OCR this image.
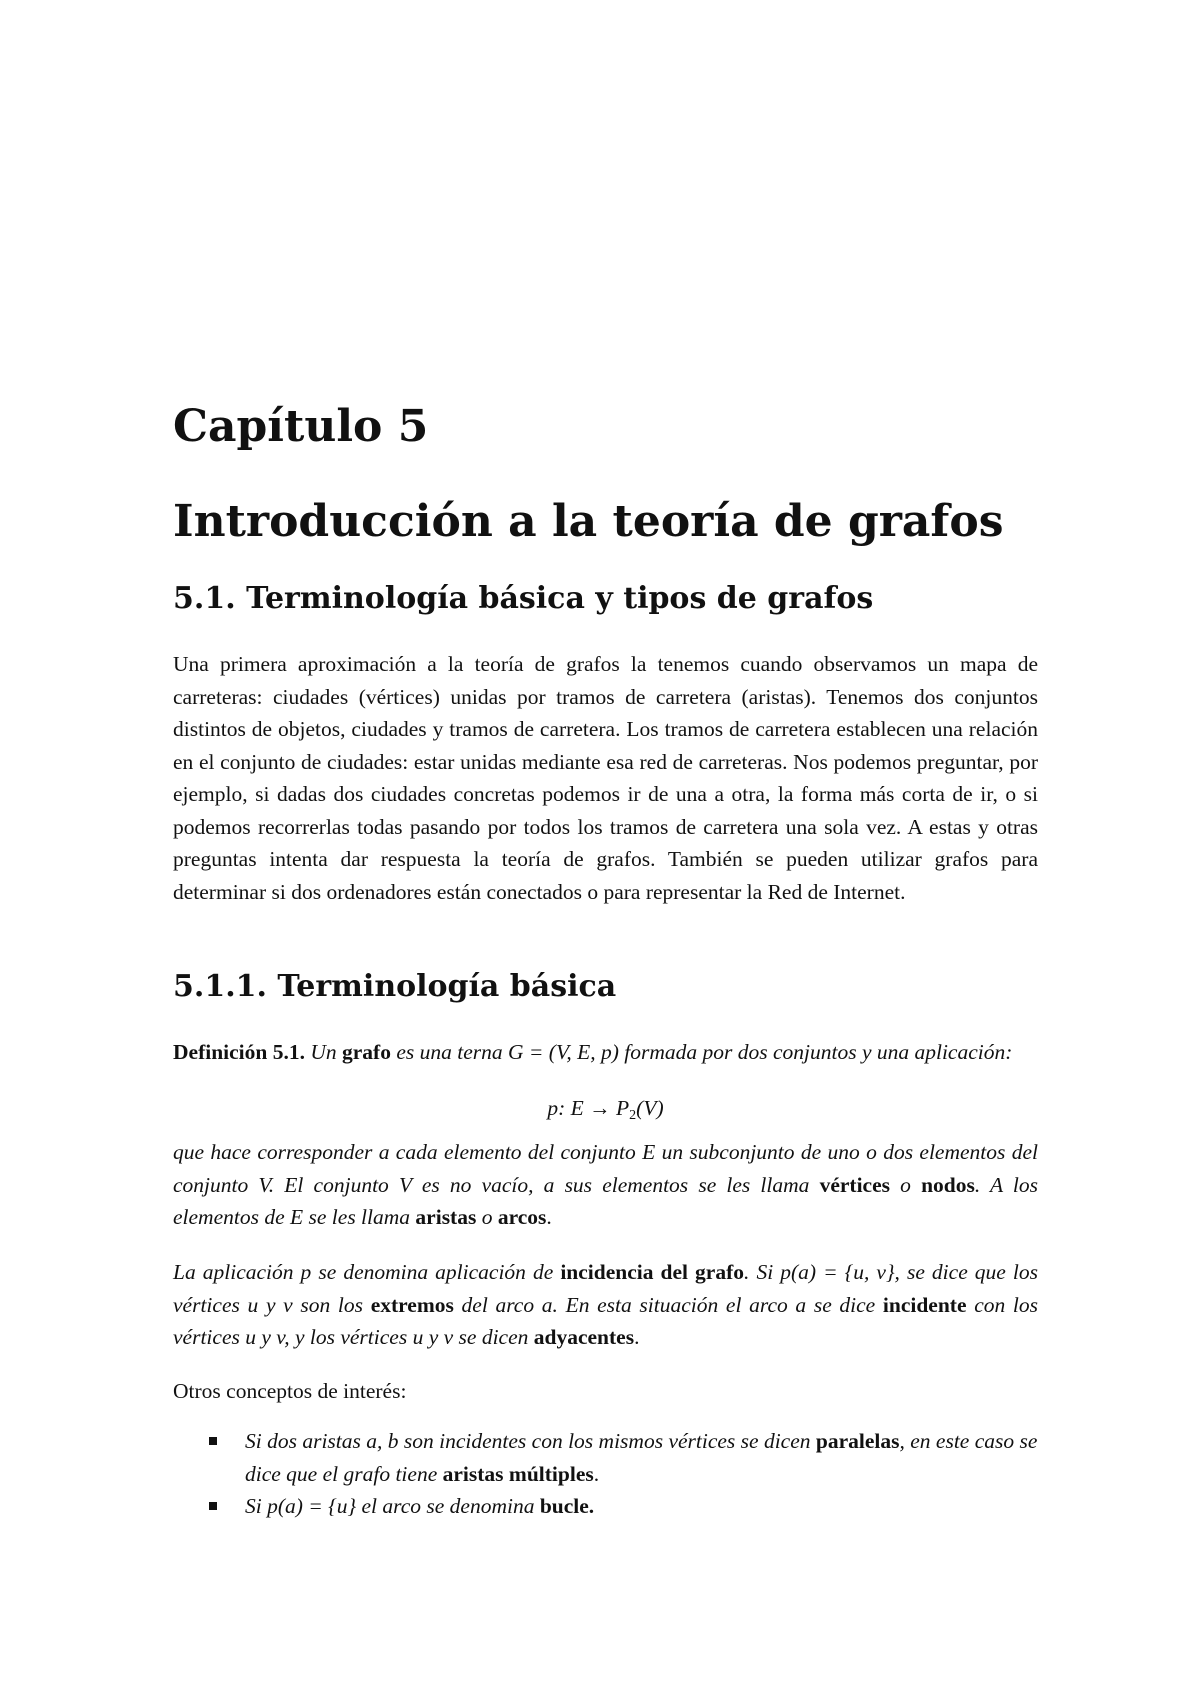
Capítulo 5
Introducción a la teoría de grafos
5.1. Terminología básica y tipos de grafos

Una primera aproximación a la teoría de grafos la tenemos cuando observamos un mapa de carreteras: ciudades (vértices) unidas por tramos de carretera (aristas). Tenemos dos conjuntos distintos de objetos, ciudades y tramos de carretera. Los tramos de carretera establecen una relación en el conjunto de ciudades: estar unidas mediante esa red de carreteras. Nos podemos preguntar, por ejemplo, si dadas dos ciudades concretas podemos ir de una a otra, la forma más corta de ir, o si podemos recorrerlas todas pasando por todos los tramos de carretera una sola vez. A estas y otras preguntas intenta dar respuesta la teoría de grafos. También se pueden utilizar grafos para determinar si dos ordenadores están conectados o para representar la Red de Internet.

5.1.1. Terminología básica

Definición 5.1. Un grafo es una terna G = (V, E, p) formada por dos conjuntos y una aplicación:

p: $E \to P_2(V)$

que hace corresponder a cada elemento del conjunto E un subconjunto de uno o dos elementos del conjunto V. El conjunto V es no vacío, a sus elementos se les llama vértices o nodos. A los elementos de E se les llama aristas o arcos.

La aplicación p se denomina aplicación de incidencia del grafo. Si p(a) = {u, v}, se dice que los vértices u y v son los extremos del arco a. En esta situación el arco a se dice incidente con los vértices u y v, y los vértices u y v se dicen adyacentes.

Otros conceptos de interés:

Si dos aristas a, b son incidentes con los mismos vértices se dicen paralelas, en este caso se dice que el grafo tiene aristas múltiples.
Si p(a) = {u} el arco se denomina bucle.
